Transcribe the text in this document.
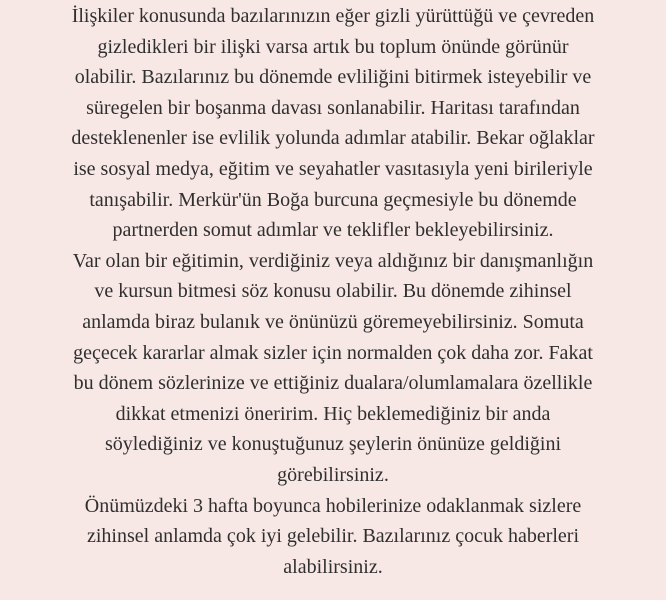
İlişkiler konusunda bazılarınızın eğer gizli yürüttüğü ve çevreden
gizledikleri bir ilişki varsa artık bu toplum önünde görünür
olabilir. Bazılarınız bu dönemde evliliğini bitirmek isteyebilir ve
süregelen bir boşanma davası sonlanabilir. Haritası tarafından
desteklenenler ise evlilik yolunda adımlar atabilir. Bekar oğlaklar
ise sosyal medya, eğitim ve seyahatler vasıtasıyla yeni birileriyle
tanışabilir. Merkür'ün Boğa burcuna geçmesiyle bu dönemde
partnerden somut adımlar ve teklifler bekleyebilirsiniz.
Var olan bir eğitimin, verdiğiniz veya aldığınız bir danışmanlığın
ve kursun bitmesi söz konusu olabilir. Bu dönemde zihinsel
anlamda biraz bulanık ve önünüzü göremeyebilirsiniz. Somuta
geçecek kararlar almak sizler için normalden çok daha zor. Fakat
bu dönem sözlerinize ve ettiğiniz dualara/olumlamalara özellikle
dikkat etmenizi öneririm. Hiç beklemediğiniz bir anda
söylediğiniz ve konuştuğunuz şeylerin önünüze geldiğini
görebilirsiniz.
Önümüzdeki 3 hafta boyunca hobilerinize odaklanmak sizlere
zihinsel anlamda çok iyi gelebilir. Bazılarınız çocuk haberleri
alabilirsiniz.
